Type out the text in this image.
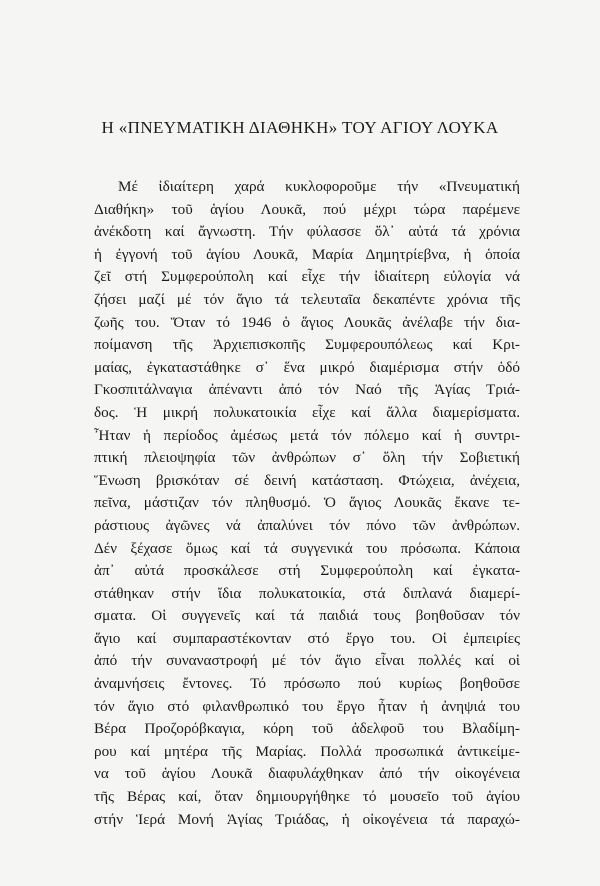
Η «ΠΝΕΥΜΑΤΙΚΗ ΔΙΑΘΗΚΗ» ΤΟΥ ΑΓΙΟΥ ΛΟΥΚΑ
Μέ ἰδιαίτερη χαρά κυκλοφοροῦμε τήν «Πνευματική
Διαθήκη» τοῦ ἁγίου Λουκᾶ, πού μέχρι τώρα παρέμενε
ἀνέκδοτη καί ἄγνωστη. Τήν φύλασσε ὅλ᾽ αὐτά τά χρόνια
ἡ ἐγγονή τοῦ ἁγίου Λουκᾶ, Μαρία Δημητρίεβνα, ἡ ὁποία
ζεῖ στή Συμφερούπολη καί εἶχε τήν ἰδιαίτερη εὐλογία νά
ζήσει μαζί μέ τόν ἅγιο τά τελευταῖα δεκαπέντε χρόνια τῆς
ζωῆς του. Ὅταν τό 1946 ὁ ἅγιος Λουκᾶς ἀνέλαβε τήν δια-
ποίμανση τῆς Ἀρχιεπισκοπῆς Συμφερουπόλεως καί Κρι-
μαίας, ἐγκαταστάθηκε σ᾽ ἕνα μικρό διαμέρισμα στήν ὁδό
Γκοσπιτάλναγια ἀπέναντι ἀπό τόν Ναό τῆς Ἁγίας Τριά-
δος. Ἡ μικρή πολυκατοικία εἶχε καί ἄλλα διαμερίσματα.
Ἦταν ἡ περίοδος ἀμέσως μετά τόν πόλεμο καί ἡ συντρι-
πτική πλειοψηφία τῶν ἀνθρώπων σ᾽ ὅλη τήν Σοβιετική
Ἕνωση βρισκόταν σέ δεινή κατάσταση. Φτώχεια, ἀνέχεια,
πεῖνα, μάστιζαν τόν πληθυσμό. Ὁ ἅγιος Λουκᾶς ἔκανε τε-
ράστιους ἀγῶνες νά ἀπαλύνει τόν πόνο τῶν ἀνθρώπων.
Δέν ξέχασε ὅμως καί τά συγγενικά του πρόσωπα. Κάποια
ἀπ᾽ αὐτά προσκάλεσε στή Συμφερούπολη καί ἐγκατα-
στάθηκαν στήν ἴδια πολυκατοικία, στά διπλανά διαμερί-
σματα. Οἱ συγγενεῖς καί τά παιδιά τους βοηθοῦσαν τόν
ἅγιο καί συμπαραστέκονταν στό ἔργο του. Οἱ ἐμπειρίες
ἀπό τήν συναναστροφή μέ τόν ἅγιο εἶναι πολλές καί οἱ
ἀναμνήσεις ἔντονες. Τό πρόσωπο πού κυρίως βοηθοῦσε
τόν ἅγιο στό φιλανθρωπικό του ἔργο ἦταν ἡ ἀνηψιά του
Βέρα Προζορόβκαγια, κόρη τοῦ ἀδελφοῦ του Βλαδίμη-
ρου καί μητέρα τῆς Μαρίας. Πολλά προσωπικά ἀντικείμε-
να τοῦ ἁγίου Λουκᾶ διαφυλάχθηκαν ἀπό τήν οἰκογένεια
τῆς Βέρας καί, ὅταν δημιουργήθηκε τό μουσεῖο τοῦ ἁγίου
στήν Ἱερά Μονή Ἁγίας Τριάδας, ἡ οἰκογένεια τά παραχώ-
